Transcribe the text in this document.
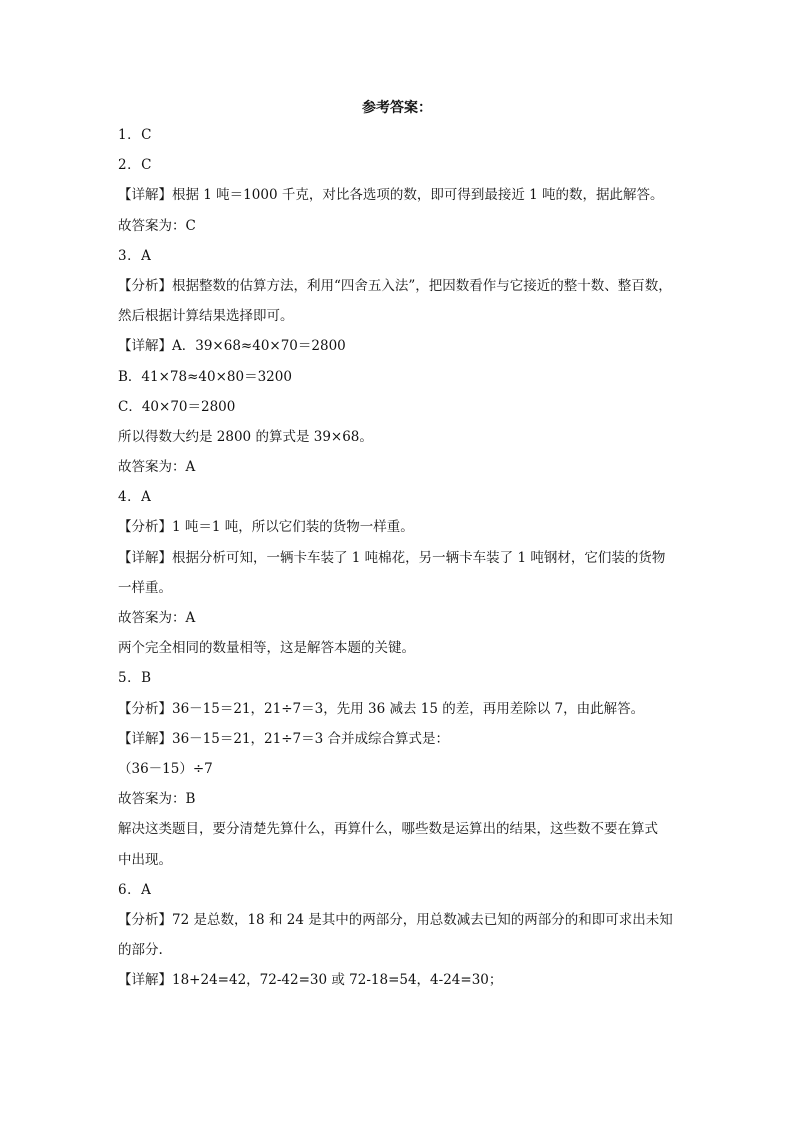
参考答案：
1．C
2．C
【详解】根据 1 吨＝1000 千克，对比各选项的数，即可得到最接近 1 吨的数，据此解答。
故答案为：C
3．A
【分析】根据整数的估算方法，利用“四舍五入法”，把因数看作与它接近的整十数、整百数，
然后根据计算结果选择即可。
【详解】A．39×68≈40×70＝2800
B．41×78≈40×80＝3200
C．40×70＝2800
所以得数大约是 2800 的算式是 39×68。
故答案为：A
4．A
【分析】1 吨＝1 吨，所以它们装的货物一样重。
【详解】根据分析可知，一辆卡车装了 1 吨棉花，另一辆卡车装了 1 吨钢材，它们装的货物
一样重。
故答案为：A
两个完全相同的数量相等，这是解答本题的关键。
5．B
【分析】36－15＝21，21÷7＝3，先用 36 减去 15 的差，再用差除以 7，由此解答。
【详解】36－15＝21，21÷7＝3 合并成综合算式是：
（36－15）÷7
故答案为：B
解决这类题目，要分清楚先算什么，再算什么，哪些数是运算出的结果，这些数不要在算式
中出现。
6．A
【分析】72 是总数，18 和 24 是其中的两部分，用总数减去已知的两部分的和即可求出未知
的部分.
【详解】18+24=42，72-42=30 或 72-18=54，4-24=30；
